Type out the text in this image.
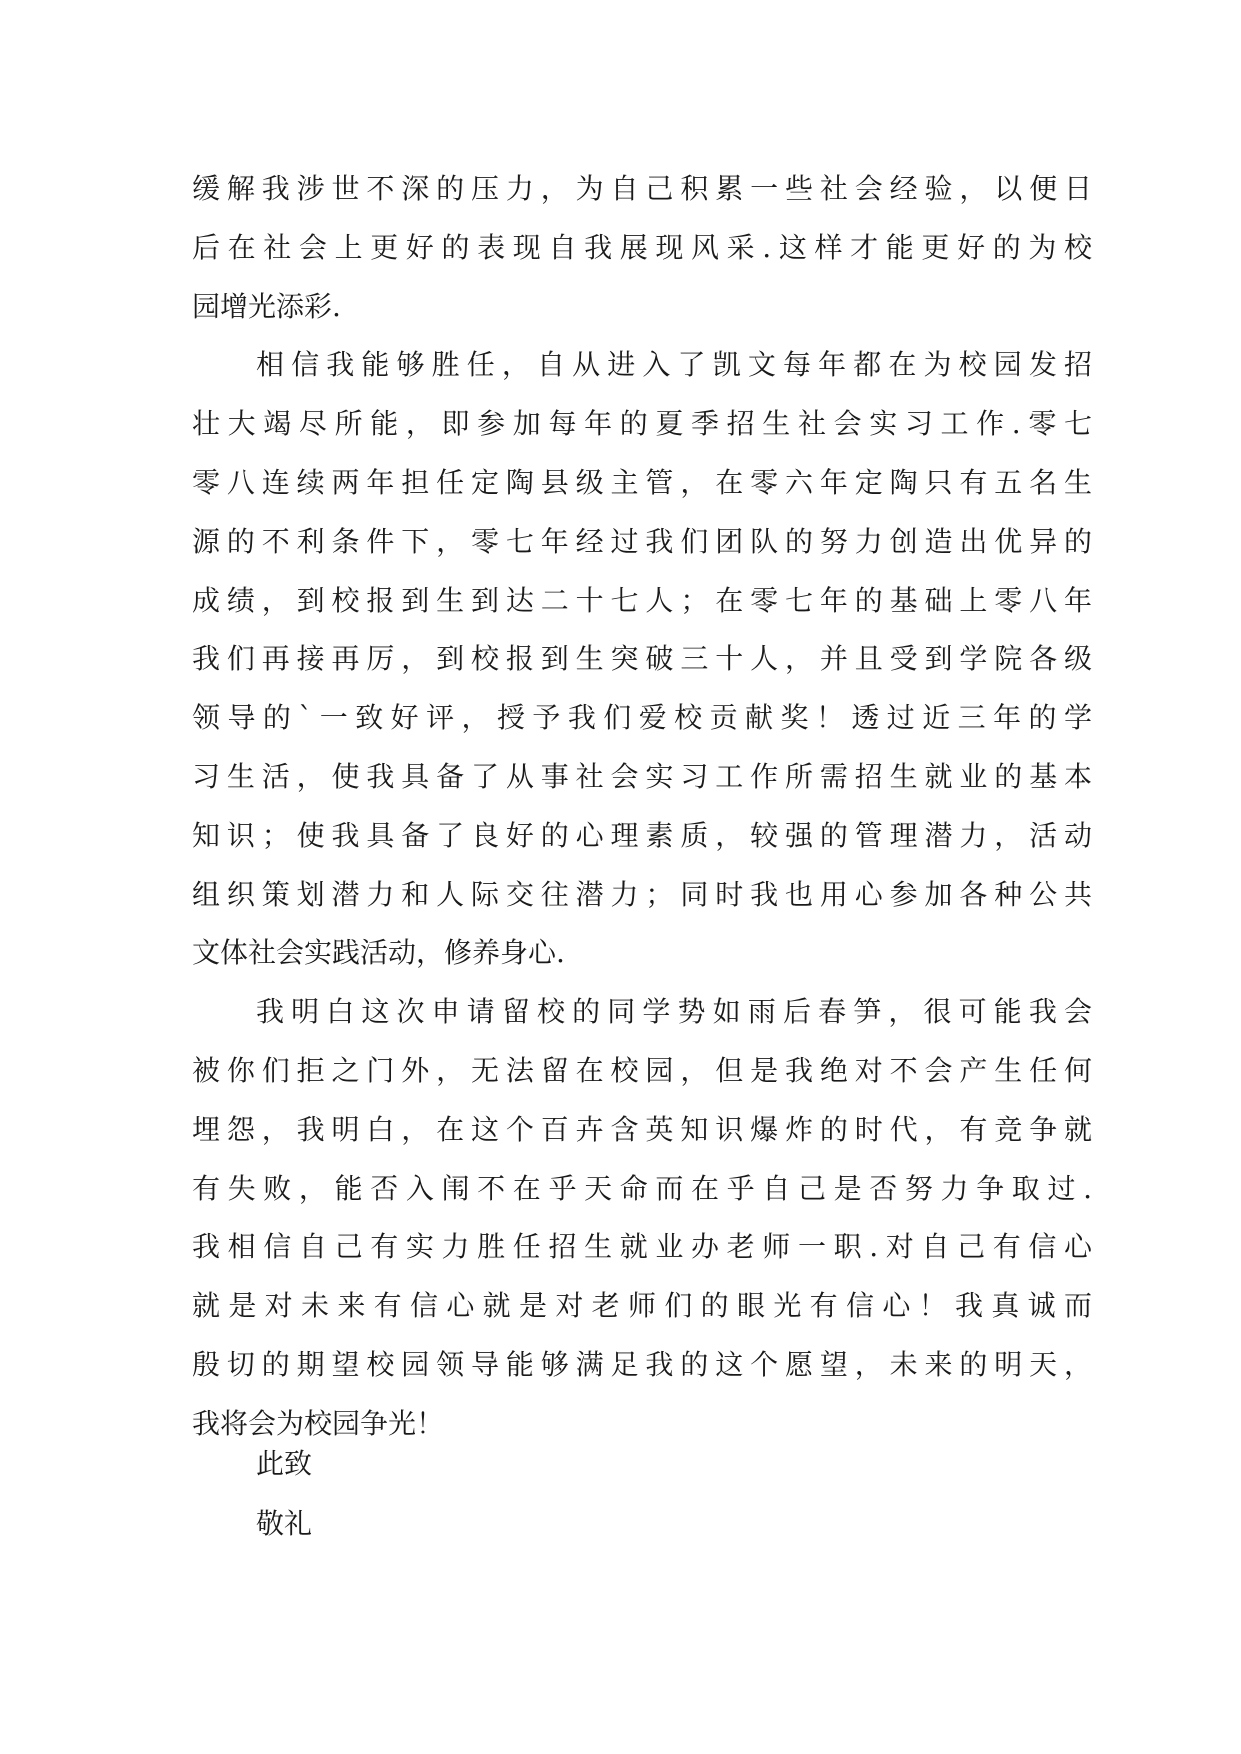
缓解我涉世不深的压力，为自己积累一些社会经验，以便日
后在社会上更好的表现自我展现风采.这样才能更好的为校
园增光添彩.
相信我能够胜任，自从进入了凯文每年都在为校园发招
壮大竭尽所能，即参加每年的夏季招生社会实习工作.零七
零八连续两年担任定陶县级主管，在零六年定陶只有五名生
源的不利条件下，零七年经过我们团队的努力创造出优异的
成绩，到校报到生到达二十七人；在零七年的基础上零八年
我们再接再厉，到校报到生突破三十人，并且受到学院各级
领导的`一致好评，授予我们爱校贡献奖！透过近三年的学
习生活，使我具备了从事社会实习工作所需招生就业的基本
知识；使我具备了良好的心理素质，较强的管理潜力，活动
组织策划潜力和人际交往潜力；同时我也用心参加各种公共
文体社会实践活动，修养身心.
我明白这次申请留校的同学势如雨后春笋，很可能我会
被你们拒之门外，无法留在校园，但是我绝对不会产生任何
埋怨，我明白，在这个百卉含英知识爆炸的时代，有竞争就
有失败，能否入闱不在乎天命而在乎自己是否努力争取过.
我相信自己有实力胜任招生就业办老师一职.对自己有信心
就是对未来有信心就是对老师们的眼光有信心！我真诚而
殷切的期望校园领导能够满足我的这个愿望，未来的明天，
我将会为校园争光！
此致
敬礼
